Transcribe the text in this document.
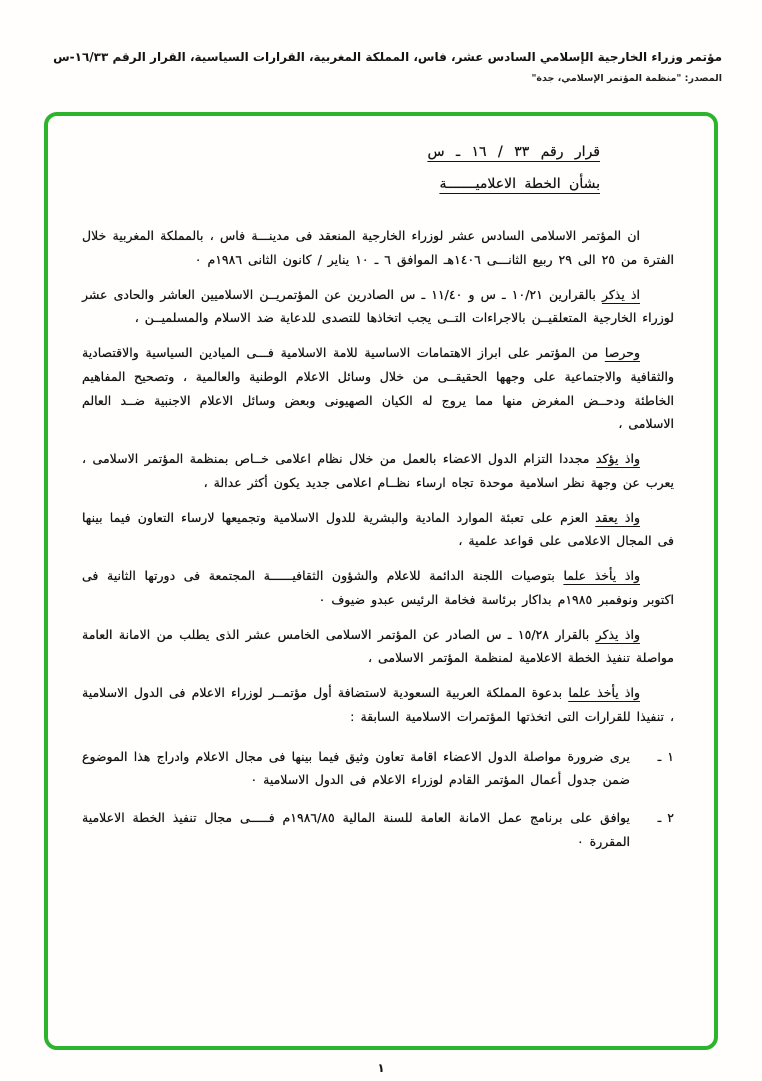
مؤتمر وزراء الخارجية الإسلامي السادس عشر، فاس، المملكة المغربية، القرارات السياسية، القرار الرقم ١٦/٣٣-س
المصدر: "منظمة المؤتمر الإسلامي، جدة"
قرار رقم ٣٣ / ١٦ ـ س
بشأن الخطة الاعلاميـــــــة

ان المؤتمر الاسلامى السادس عشر لوزراء الخارجية المنعقد فى مدينـــة فاس ، بالمملكة المغربية خلال الفترة من ٢٥ الى ٢٩ ربيع الثانـــى ١٤٠٦هـ الموافق ٦ ـ ١٠ يناير / كانون الثانى ١٩٨٦م ٠

اذ يذكر بالقرارين ١٠/٢١ ـ س و ١١/٤٠ ـ س الصادرين عن المؤتمريــن الاسلاميين العاشر والحادى عشر لوزراء الخارجية المتعلقيــن بالاجراءات التــى يجب اتخاذها للتصدى للدعاية ضد الاسلام والمسلميــن ،

وحرصا من المؤتمر على ابراز الاهتمامات الاساسية للامة الاسلامية فـــى الميادين السياسية والاقتصادية والثقافية والاجتماعية على وجهها الحقيقــى من خلال وسائل الاعلام الوطنية والعالمية ، وتصحيح المفاهيم الخاطئة ودحــض المغرض منها مما يروج له الكيان الصهيونى وبعض وسائل الاعلام الاجنبية ضــد العالم الاسلامى ،

واذ يؤكد مجددا التزام الدول الاعضاء بالعمل من خلال نظام اعلامى خــاص بمنظمة المؤتمر الاسلامى ، يعرب عن وجهة نظر اسلامية موحدة تجاه ارساء نظــام اعلامى جديد يكون أكثر عدالة ،

واذ يعقد العزم على تعبئة الموارد المادية والبشرية للدول الاسلامية وتجميعها لارساء التعاون فيما بينها فى المجال الاعلامى على قواعد علمية ،

واذ يأخذ علما بتوصيات اللجنة الدائمة للاعلام والشؤون الثقافيــــــة المجتمعة فى دورتها الثانية فى اكتوبر ونوفمبر ١٩٨٥م بداكار برئاسة فخامة الرئيس عبدو ضيوف ٠

واذ يذكر بالقرار ١٥/٢٨ ـ س الصادر عن المؤتمر الاسلامى الخامس عشر الذى يطلب من الامانة العامة مواصلة تنفيذ الخطة الاعلامية لمنظمة المؤتمر الاسلامى ،

واذ يأخذ علما بدعوة المملكة العربية السعودية لاستضافة أول مؤتمــر لوزراء الاعلام فى الدول الاسلامية ، تنفيذا للقرارات التى اتخذتها المؤتمرات الاسلامية السابقة :

١ ـ
يرى ضرورة مواصلة الدول الاعضاء اقامة تعاون وثيق فيما بينها فى مجال الاعلام وادراج هذا الموضوع ضمن جدول أعمال المؤتمر القادم لوزراء الاعلام فى الدول الاسلامية ٠
٢ ـ
يوافق على برنامج عمل الامانة العامة للسنة المالية ١٩٨٦/٨٥م فـــــى مجال تنفيذ الخطة الاعلامية المقررة ٠
١
